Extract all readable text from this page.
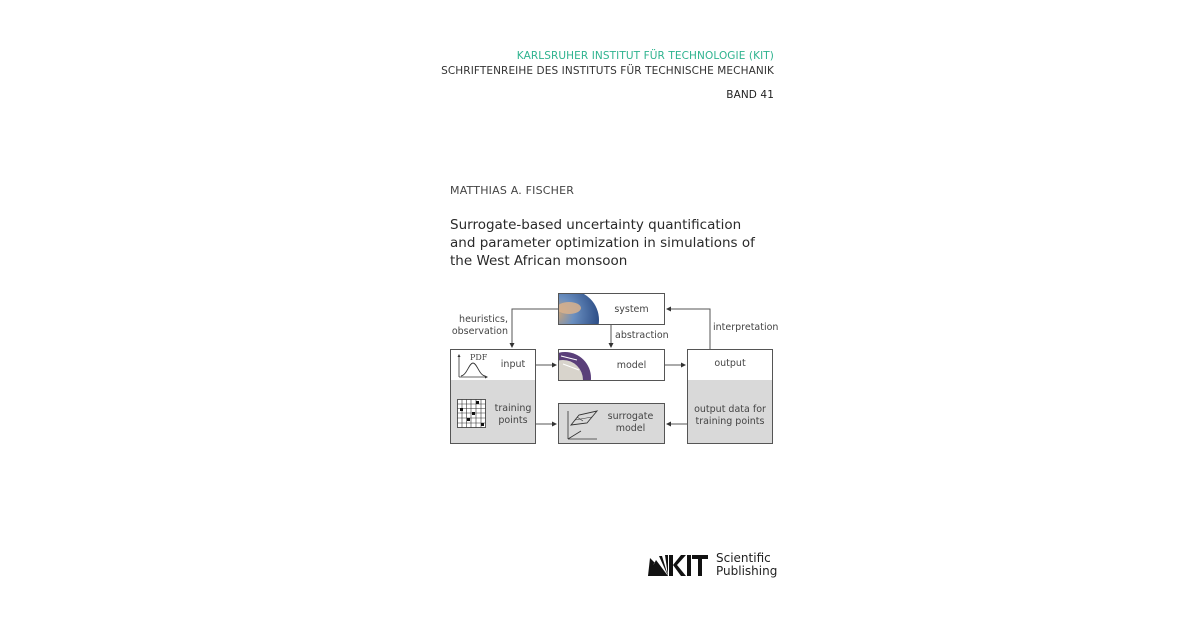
KARLSRUHER INSTITUT FÜR TECHNOLOGIE (KIT)
SCHRIFTENREIHE DES INSTITUTS FÜR TECHNISCHE MECHANIK
BAND 41
MATTHIAS A. FISCHER
Surrogate-based uncertainty quantification
and parameter optimization in simulations of
the West African monsoon
system
model
PDF
input
training
points	surrogate
model
output
output data for
training points
heuristics,
observation	abstraction
interpretation
Scientific
Publishing
